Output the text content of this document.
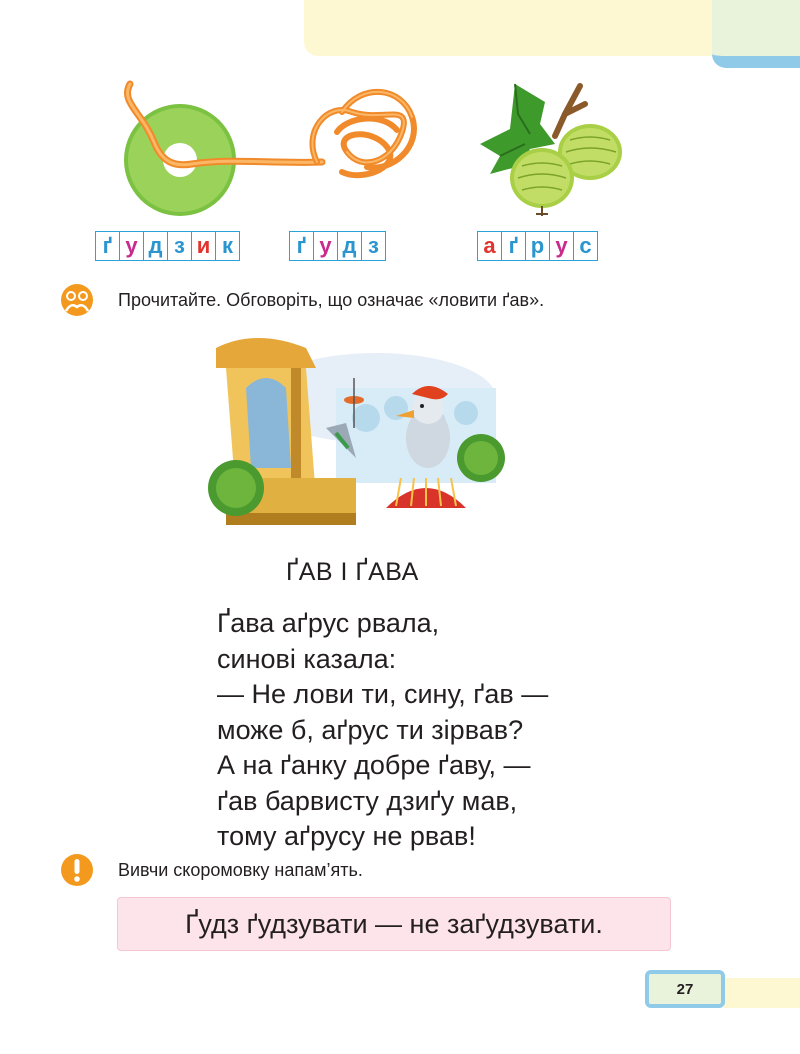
ґ у д з и к	ґ у д з	а ґ р у с
Прочитайте. Обговоріть, що означає «ловити ґав».
ҐАВ І ҐАВА
Ґава аґрус рвала,
синові казала:
— Не лови ти, сину, ґав —
може б, аґрус ти зірвав?
А на ґанку добре ґаву, —
ґав барвисту дзиґу мав,
тому аґрусу не рвав!
Вивчи скоромовку напам’ять.
Ґудз ґудзувати — не заґудзувати.
27
